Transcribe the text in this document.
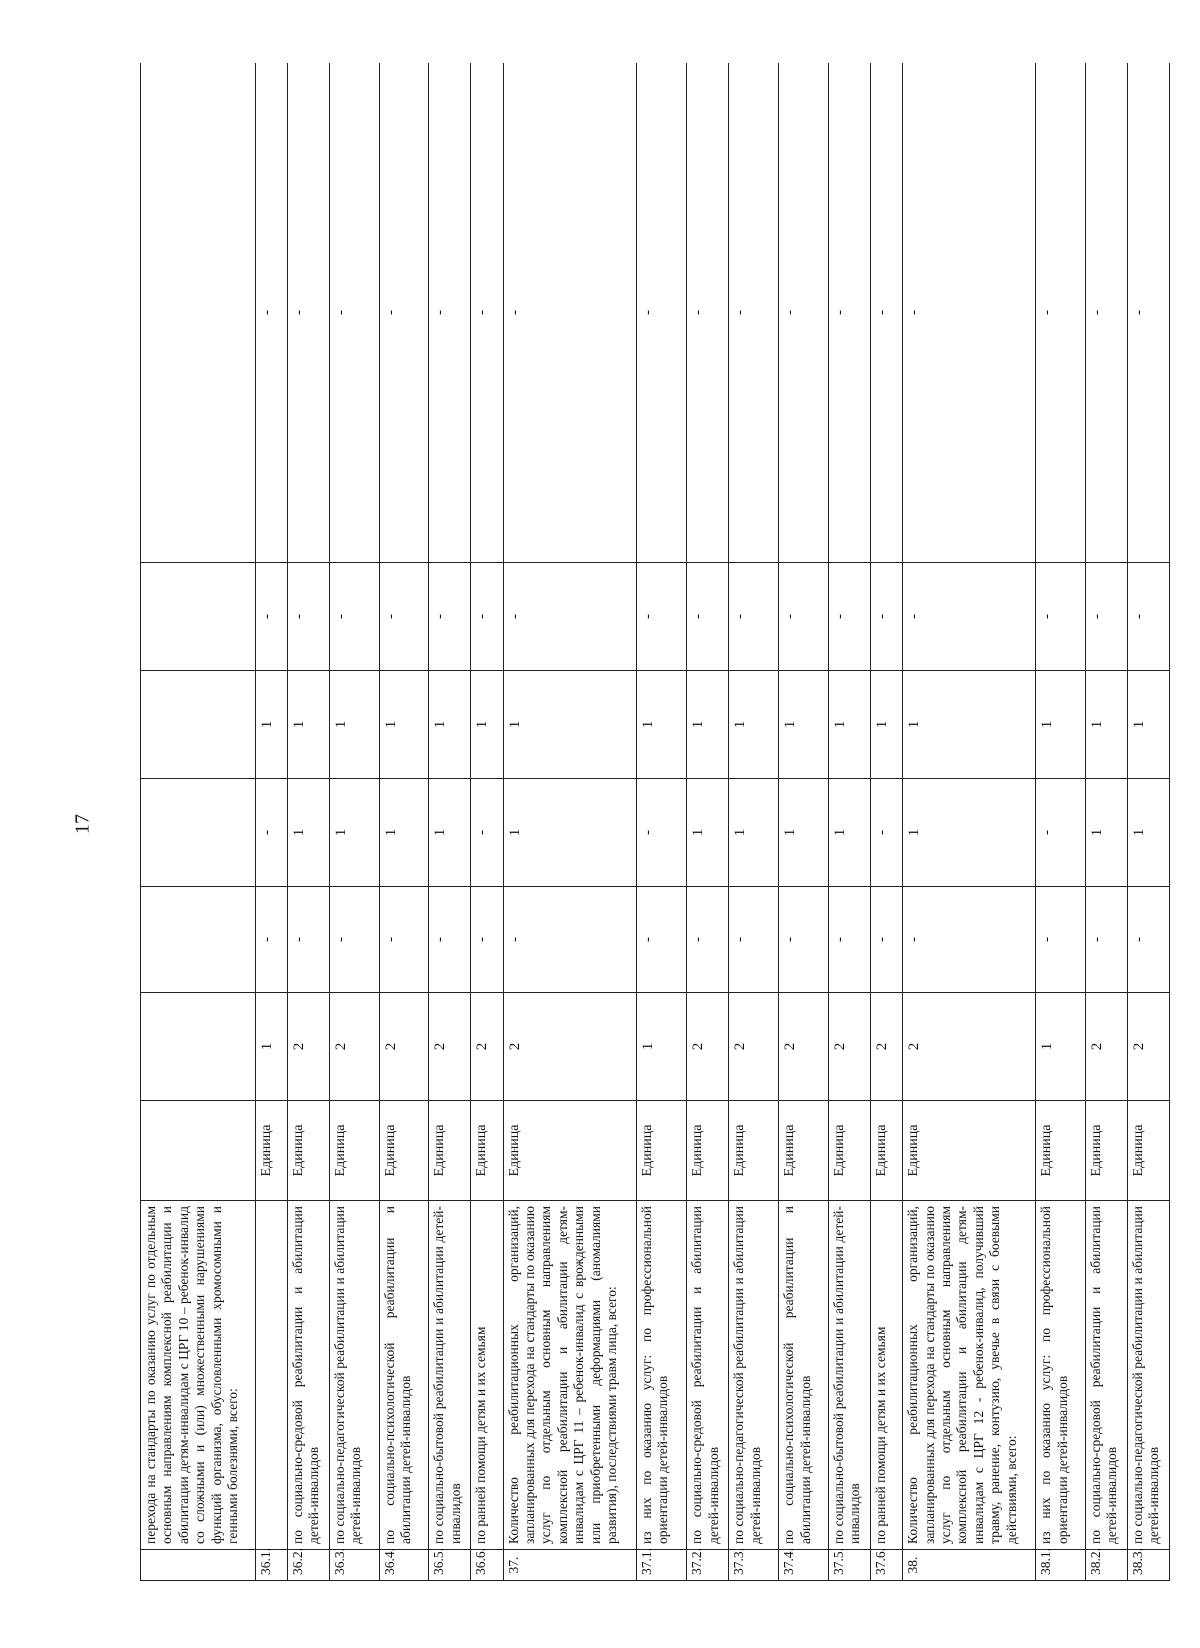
17
	перехода на стандарты по оказанию услуг по отдельным основным направлениям комплексной реабилитации и абилитации детям-инвалидам с ЦРГ 10 – ребенок-инвалид со сложными и (или) множественными нарушениями функций организма, обусловленными хромосомными и генными болезнями, всего:								
36.1.		Единица	1	-	-	1	-	-	
36.2.	по социально-средовой реабилитации и абилитации детей-инвалидов	Единица	2	-	1	1	-	-	
36.3.	по социально-педагогической реабилитации и абилитации детей-инвалидов	Единица	2	-	1	1	-	-	
36.4.	по социально-психологической реабилитации и абилитации детей-инвалидов	Единица	2	-	1	1	-	-	
36.5.	по социально-бытовой реабилитации и абилитации детей-инвалидов	Единица	2	-	1	1	-	-	
36.6.	по ранней помощи детям и их семьям	Единица	2	-	-	1	-	-	
37.	Количество реабилитационных организаций, запланированных для перехода на стандарты по оказанию услуг по отдельным основным направлениям комплексной реабилитации и абилитации детям-инвалидам с ЦРГ 11 – ребенок-инвалид с врожденными или приобретенными деформациями (аномалиями развития), последствиями травм лица, всего:	Единица	2	-	1	1	-	-	
37.1.	из них по оказанию услуг: по профессиональной ориентации детей-инвалидов	Единица	1	-	-	1	-	-	
37.2.	по социально-средовой реабилитации и абилитации детей-инвалидов	Единица	2	-	1	1	-	-	
37.3.	по социально-педагогической реабилитации и абилитации детей-инвалидов	Единица	2	-	1	1	-	-	
37.4.	по социально-психологической реабилитации и абилитации детей-инвалидов	Единица	2	-	1	1	-	-	
37.5.	по социально-бытовой реабилитации и абилитации детей-инвалидов	Единица	2	-	1	1	-	-	
37.6.	по ранней помощи детям и их семьям	Единица	2	-	-	1	-	-	
38.	Количество реабилитационных организаций, запланированных для перехода на стандарты по оказанию услуг по отдельным основным направлениям комплексной реабилитации и абилитации детям-инвалидам с ЦРГ 12 - ребенок-инвалид, получивший травму, ранение, контузию, увечье в связи с боевыми действиями, всего:	Единица	2	-	1	1	-	-	
38.1.	из них по оказанию услуг: по профессиональной ориентации детей-инвалидов	Единица	1	-	-	1	-	-	
38.2.	по социально-средовой реабилитации и абилитации детей-инвалидов	Единица	2	-	1	1	-	-	
38.3.	по социально-педагогической реабилитации и абилитации детей-инвалидов	Единица	2	-	1	1	-	-	
